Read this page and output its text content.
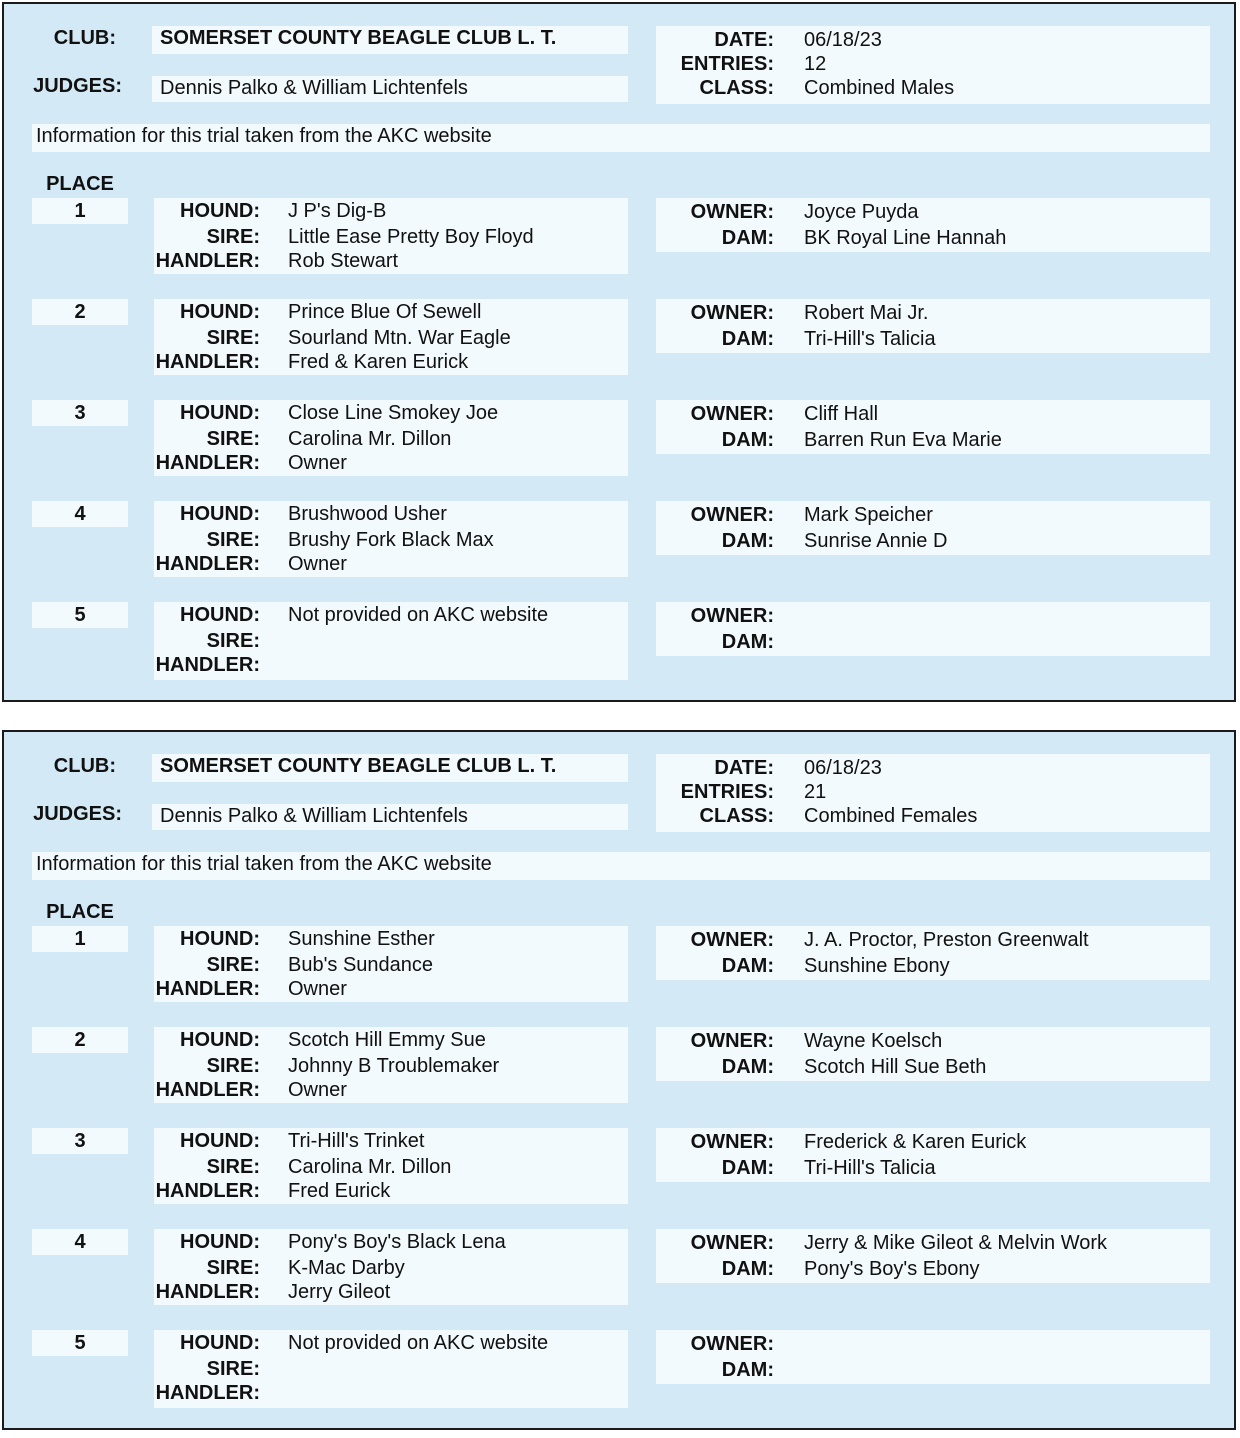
CLUB: SOMERSET COUNTY BEAGLE CLUB L. T.
JUDGES: Dennis Palko & William Lichtenfels
DATE: 06/18/23
ENTRIES: 12
CLASS: Combined Males
Information for this trial taken from the AKC website
PLACE
1	HOUND: J P's Dig-B
SIRE: Little Ease Pretty Boy Floyd
HANDLER: Rob Stewart
OWNER: Joyce Puyda
DAM: BK Royal Line Hannah
2	HOUND: Prince Blue Of Sewell
SIRE: Sourland Mtn. War Eagle
HANDLER: Fred & Karen Eurick
OWNER: Robert Mai Jr.
DAM: Tri-Hill's Talicia
3	HOUND: Close Line Smokey Joe
SIRE: Carolina Mr. Dillon
HANDLER: Owner
OWNER: Cliff Hall
DAM: Barren Run Eva Marie
4	HOUND: Brushwood Usher
SIRE: Brushy Fork Black Max
HANDLER: Owner
OWNER: Mark Speicher
DAM: Sunrise Annie D
5	HOUND: Not provided on AKC website
SIRE:
HANDLER:
OWNER:
DAM:
CLUB: SOMERSET COUNTY BEAGLE CLUB L. T.
JUDGES: Dennis Palko & William Lichtenfels
DATE: 06/18/23
ENTRIES: 21
CLASS: Combined Females
Information for this trial taken from the AKC website
PLACE
1	HOUND: Sunshine Esther
SIRE: Bub's Sundance
HANDLER: Owner
OWNER: J. A. Proctor, Preston Greenwalt
DAM: Sunshine Ebony
2	HOUND: Scotch Hill Emmy Sue
SIRE: Johnny B Troublemaker
HANDLER: Owner
OWNER: Wayne Koelsch
DAM: Scotch Hill Sue Beth
3	HOUND: Tri-Hill's Trinket
SIRE: Carolina Mr. Dillon
HANDLER: Fred Eurick
OWNER: Frederick & Karen Eurick
DAM: Tri-Hill's Talicia
4	HOUND: Pony's Boy's Black Lena
SIRE: K-Mac Darby
HANDLER: Jerry Gileot
OWNER: Jerry & Mike Gileot & Melvin Work
DAM: Pony's Boy's Ebony
5	HOUND: Not provided on AKC website
SIRE:
HANDLER:
OWNER:
DAM:
